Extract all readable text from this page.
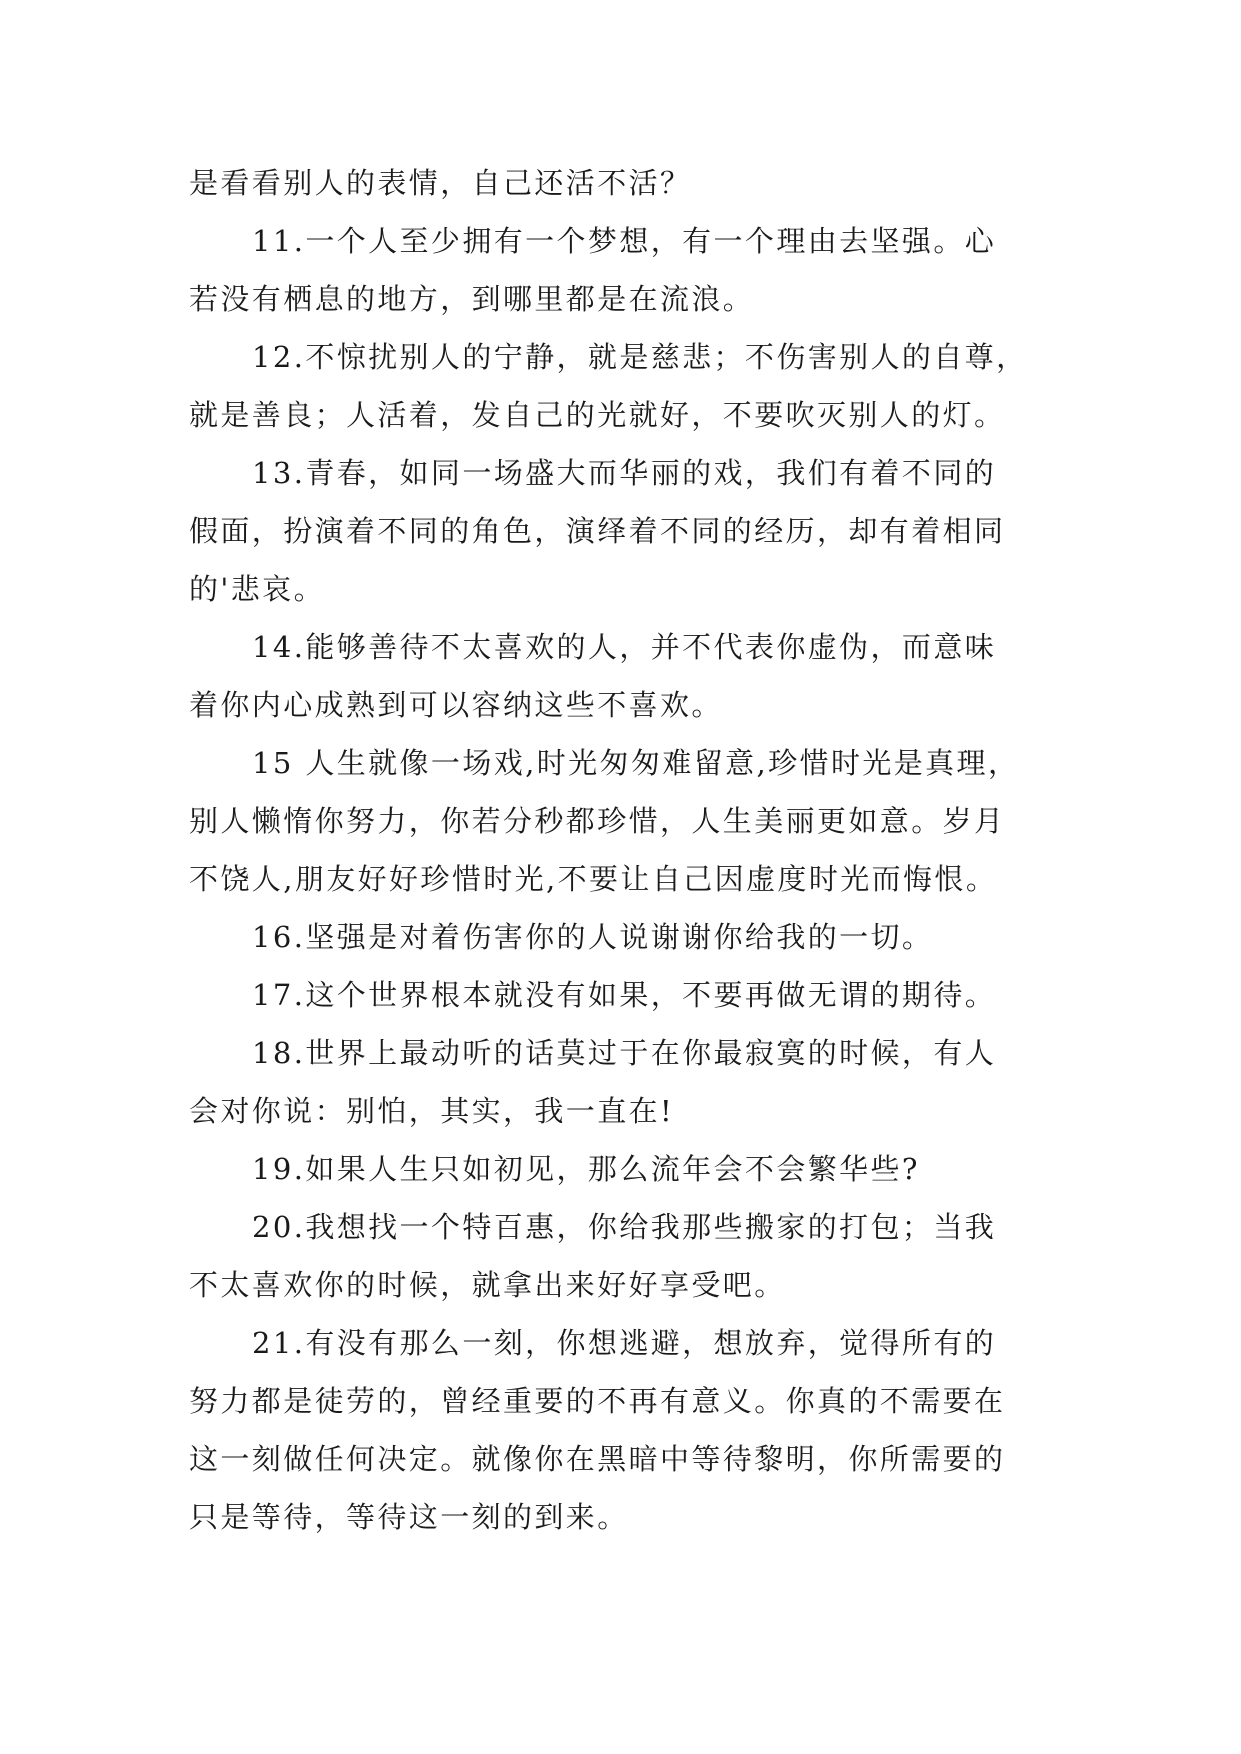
是看看别人的表情，自己还活不活？
11.一个人至少拥有一个梦想，有一个理由去坚强。心
若没有栖息的地方，到哪里都是在流浪。
12.不惊扰别人的宁静，就是慈悲；不伤害别人的自尊，
就是善良；人活着，发自己的光就好，不要吹灭别人的灯。
13.青春，如同一场盛大而华丽的戏，我们有着不同的
假面，扮演着不同的角色，演绎着不同的经历，却有着相同
的'悲哀。
14.能够善待不太喜欢的人，并不代表你虚伪，而意味
着你内心成熟到可以容纳这些不喜欢。
15 人生就像一场戏,时光匆匆难留意,珍惜时光是真理，
别人懒惰你努力，你若分秒都珍惜，人生美丽更如意。岁月
不饶人,朋友好好珍惜时光,不要让自己因虚度时光而悔恨。
16.坚强是对着伤害你的人说谢谢你给我的一切。
17.这个世界根本就没有如果，不要再做无谓的期待。
18.世界上最动听的话莫过于在你最寂寞的时候，有人
会对你说：别怕，其实，我一直在!
19.如果人生只如初见，那么流年会不会繁华些?
20.我想找一个特百惠，你给我那些搬家的打包；当我
不太喜欢你的时候，就拿出来好好享受吧。
21.有没有那么一刻，你想逃避，想放弃，觉得所有的
努力都是徒劳的，曾经重要的不再有意义。你真的不需要在
这一刻做任何决定。就像你在黑暗中等待黎明，你所需要的
只是等待，等待这一刻的到来。
